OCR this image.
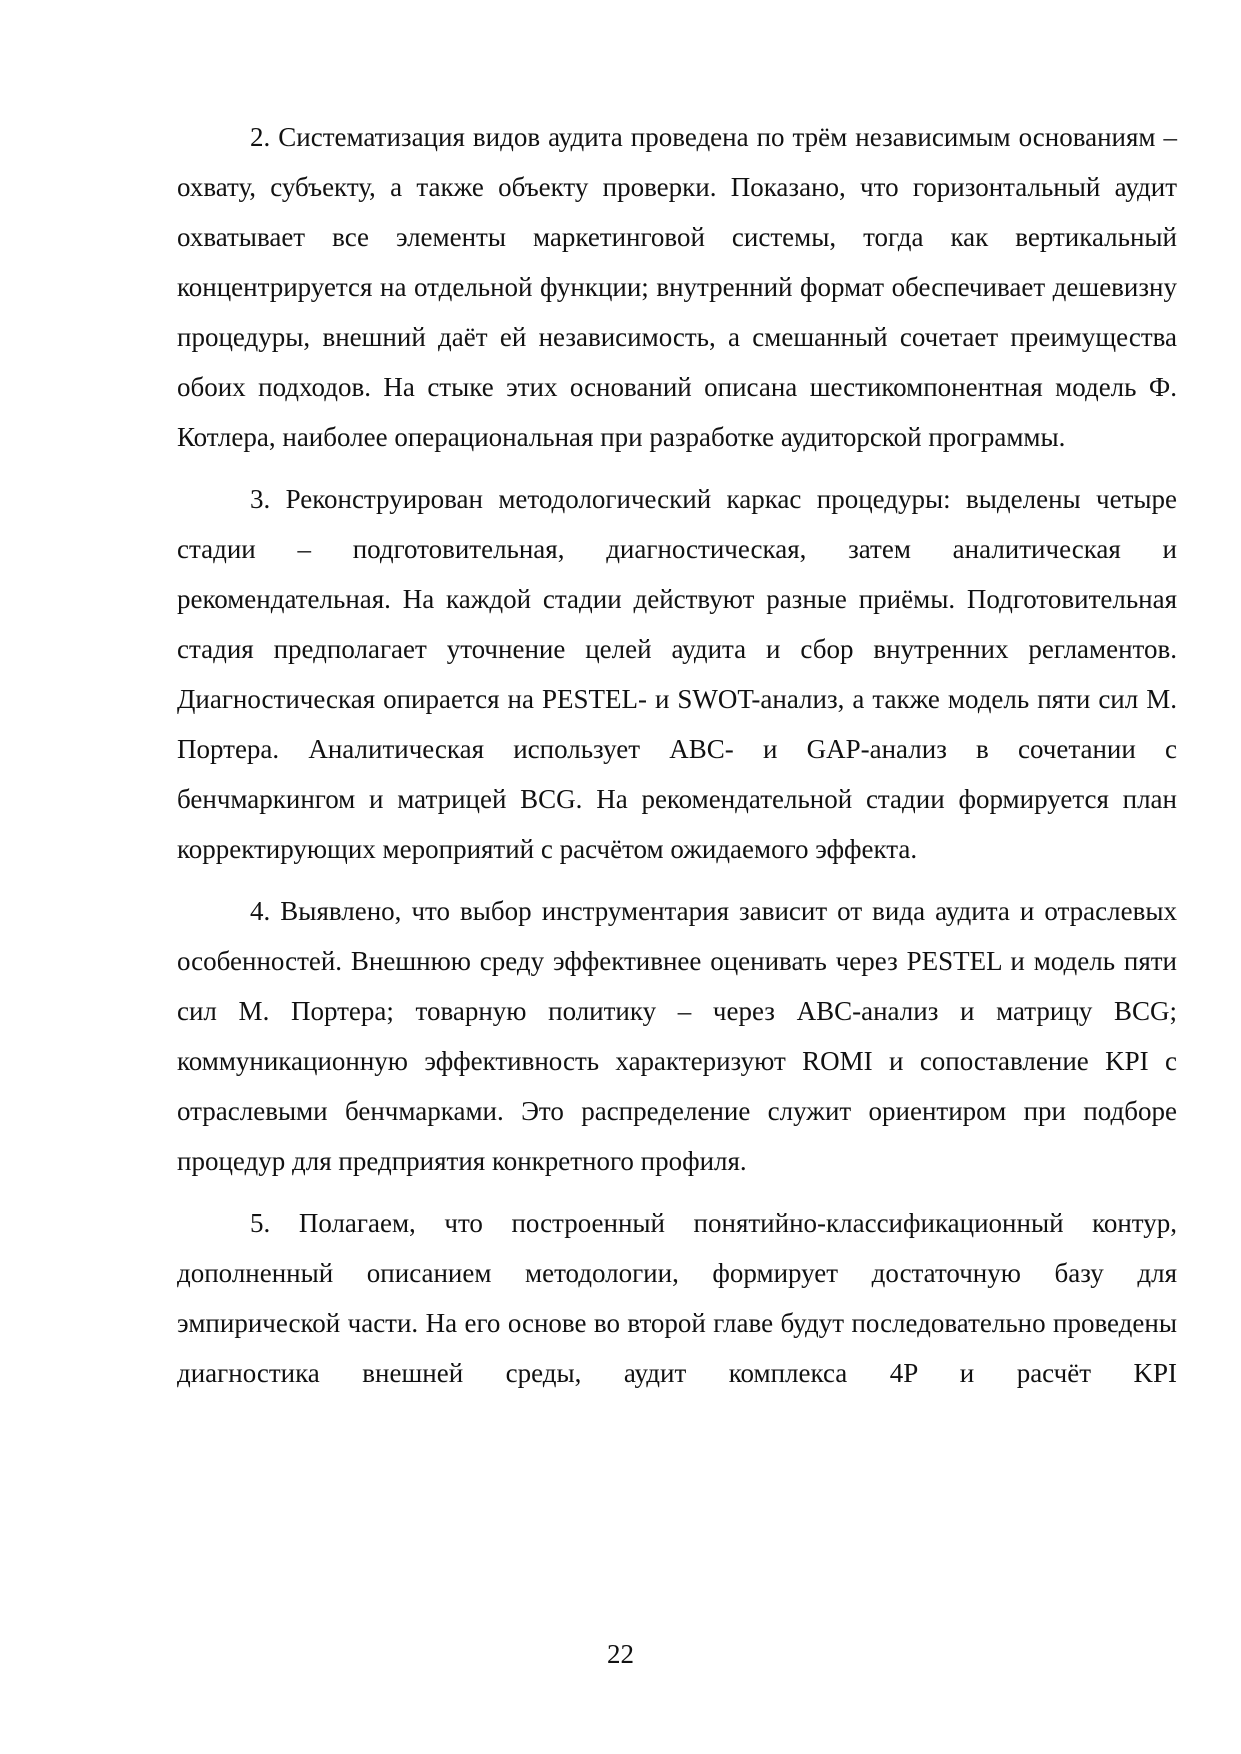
2. Систематизация видов аудита проведена по трём независимым основаниям – охвату, субъекту, а также объекту проверки. Показано, что горизонтальный аудит охватывает все элементы маркетинговой системы, тогда как вертикальный концентрируется на отдельной функции; внутренний формат обеспечивает дешевизну процедуры, внешний даёт ей независимость, а смешанный сочетает преимущества обоих подходов. На стыке этих оснований описана шестикомпонентная модель Ф. Котлера, наиболее операциональная при разработке аудиторской программы.

3. Реконструирован методологический каркас процедуры: выделены четыре стадии – подготовительная, диагностическая, затем аналитическая и рекомендательная. На каждой стадии действуют разные приёмы. Подготовительная стадия предполагает уточнение целей аудита и сбор внутренних регламентов. Диагностическая опирается на PESTEL- и SWOT-анализ, а также модель пяти сил М. Портера. Аналитическая использует ABC- и GAP-анализ в сочетании с бенчмаркингом и матрицей BCG. На рекомендательной стадии формируется план корректирующих мероприятий с расчётом ожидаемого эффекта.

4. Выявлено, что выбор инструментария зависит от вида аудита и отраслевых особенностей. Внешнюю среду эффективнее оценивать через PESTEL и модель пяти сил М. Портера; товарную политику – через ABC-анализ и матрицу BCG; коммуникационную эффективность характеризуют ROMI и сопоставление KPI с отраслевыми бенчмарками. Это распределение служит ориентиром при подборе процедур для предприятия конкретного профиля.

5. Полагаем, что построенный понятийно-классификационный контур, дополненный описанием методологии, формирует достаточную базу для эмпирической части. На его основе во второй главе будут последовательно проведены диагностика внешней среды, аудит комплекса 4P и расчёт KPI

22
